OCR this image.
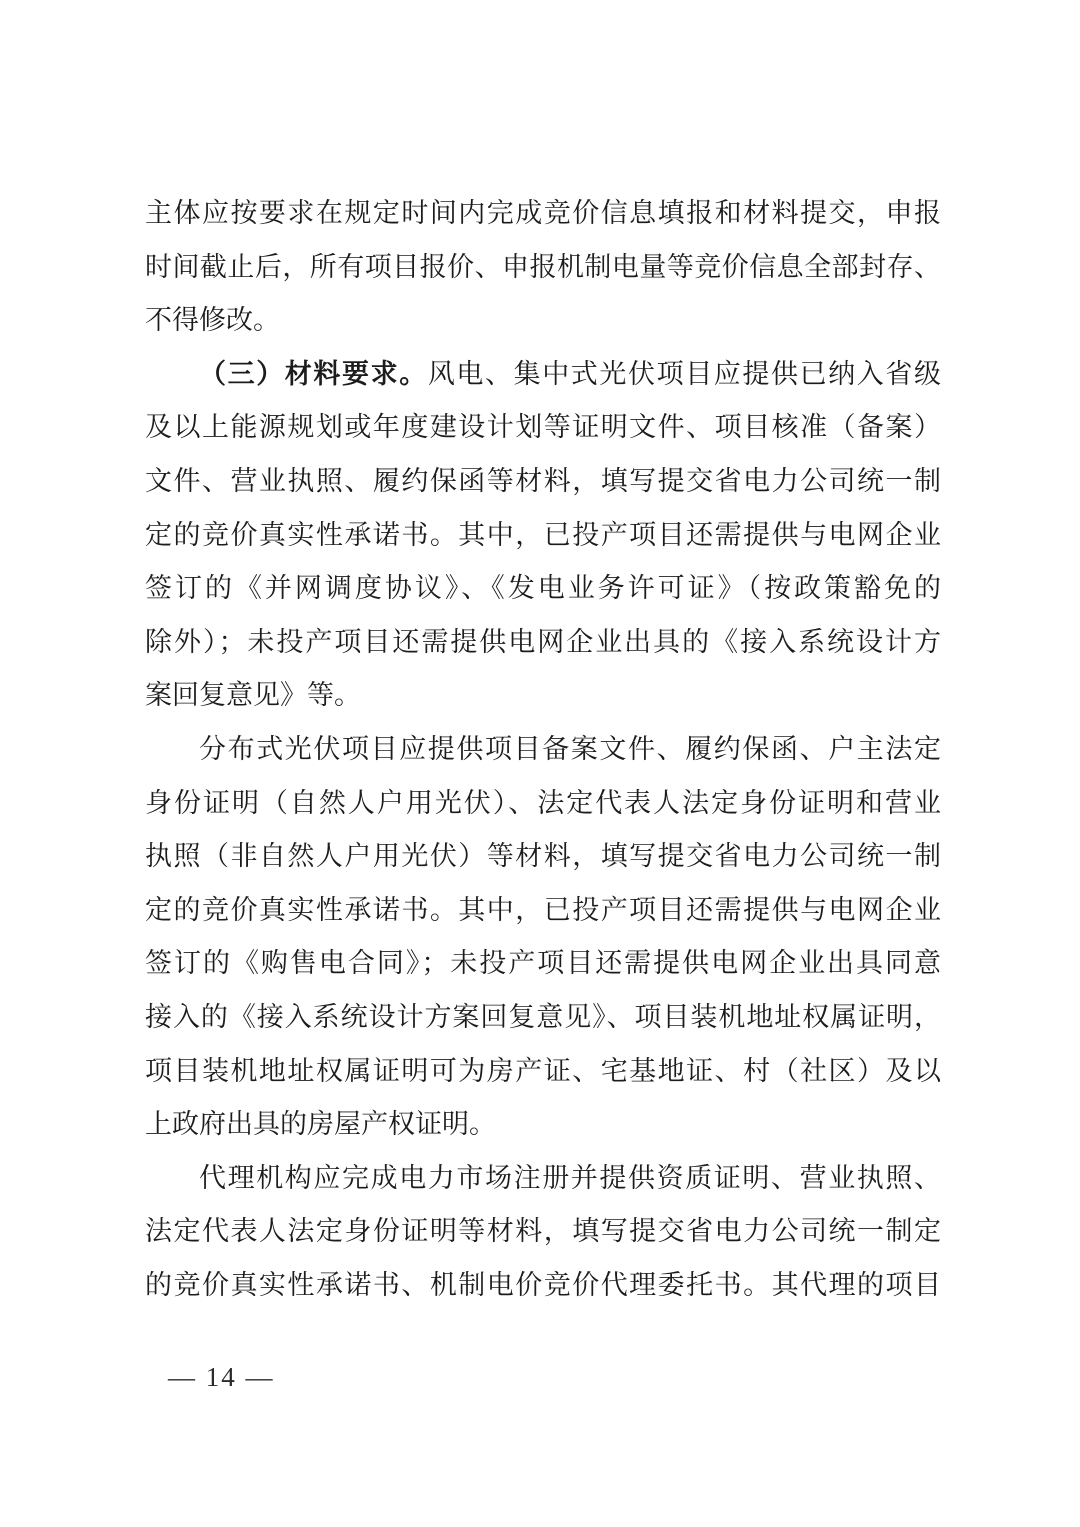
主体应按要求在规定时间内完成竞价信息填报和材料提交，申报
时间截止后，所有项目报价、申报机制电量等竞价信息全部封存、
不得修改。
（三）材料要求。风电、集中式光伏项目应提供已纳入省级
及以上能源规划或年度建设计划等证明文件、项目核准（备案）
文件、营业执照、履约保函等材料，填写提交省电力公司统一制
定的竞价真实性承诺书。其中，已投产项目还需提供与电网企业
签订的《并网调度协议》、《发电业务许可证》（按政策豁免的
除外）；未投产项目还需提供电网企业出具的《接入系统设计方
案回复意见》等。
分布式光伏项目应提供项目备案文件、履约保函、户主法定
身份证明（自然人户用光伏）、法定代表人法定身份证明和营业
执照（非自然人户用光伏）等材料，填写提交省电力公司统一制
定的竞价真实性承诺书。其中，已投产项目还需提供与电网企业
签订的《购售电合同》；未投产项目还需提供电网企业出具同意
接入的《接入系统设计方案回复意见》、项目装机地址权属证明，
项目装机地址权属证明可为房产证、宅基地证、村（社区）及以
上政府出具的房屋产权证明。
代理机构应完成电力市场注册并提供资质证明、营业执照、
法定代表人法定身份证明等材料，填写提交省电力公司统一制定
的竞价真实性承诺书、机制电价竞价代理委托书。其代理的项目
— 14 —
